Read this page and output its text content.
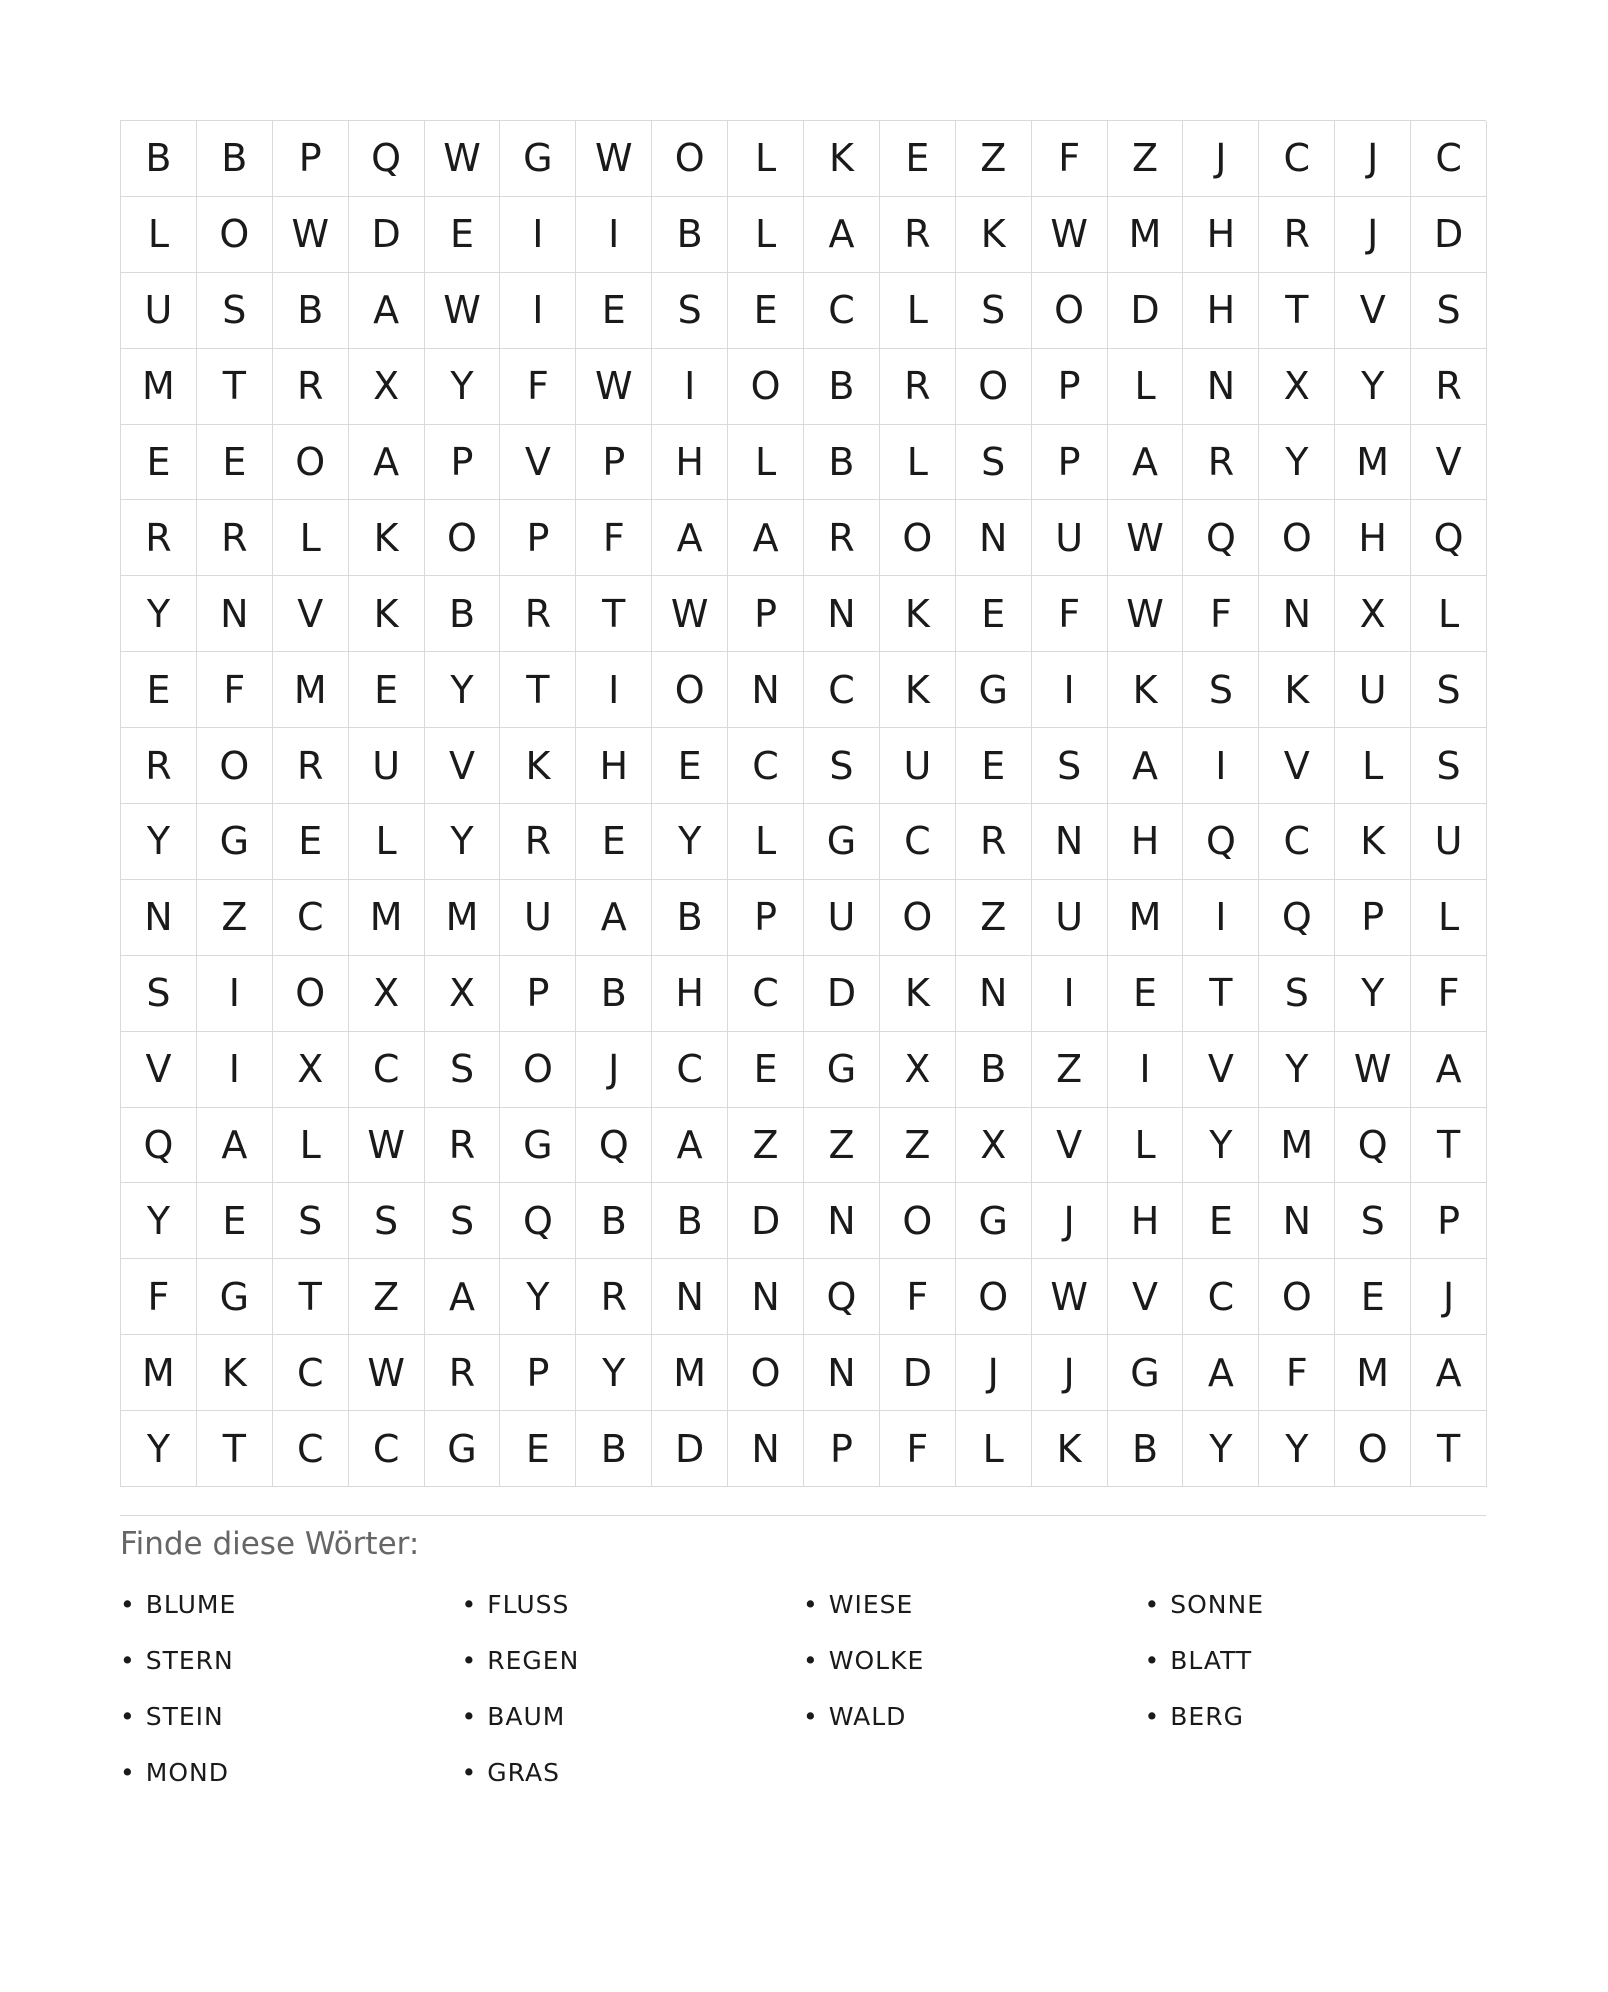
B	B	P	Q	W	G	W	O	L	K	E	Z	F	Z	J	C	J	C
L	O	W	D	E	I	I	B	L	A	R	K	W	M	H	R	J	D
U	S	B	A	W	I	E	S	E	C	L	S	O	D	H	T	V	S
M	T	R	X	Y	F	W	I	O	B	R	O	P	L	N	X	Y	R
E	E	O	A	P	V	P	H	L	B	L	S	P	A	R	Y	M	V
R	R	L	K	O	P	F	A	A	R	O	N	U	W	Q	O	H	Q
Y	N	V	K	B	R	T	W	P	N	K	E	F	W	F	N	X	L
E	F	M	E	Y	T	I	O	N	C	K	G	I	K	S	K	U	S
R	O	R	U	V	K	H	E	C	S	U	E	S	A	I	V	L	S
Y	G	E	L	Y	R	E	Y	L	G	C	R	N	H	Q	C	K	U
N	Z	C	M	M	U	A	B	P	U	O	Z	U	M	I	Q	P	L
S	I	O	X	X	P	B	H	C	D	K	N	I	E	T	S	Y	F
V	I	X	C	S	O	J	C	E	G	X	B	Z	I	V	Y	W	A
Q	A	L	W	R	G	Q	A	Z	Z	Z	X	V	L	Y	M	Q	T
Y	E	S	S	S	Q	B	B	D	N	O	G	J	H	E	N	S	P
F	G	T	Z	A	Y	R	N	N	Q	F	O	W	V	C	O	E	J
M	K	C	W	R	P	Y	M	O	N	D	J	J	G	A	F	M	A
Y	T	C	C	G	E	B	D	N	P	F	L	K	B	Y	Y	O	T
Finde diese Wörter:
• BLUME	• FLUSS	• WIESE	• SONNE
• STERN	• REGEN	• WOLKE	• BLATT
• STEIN	• BAUM	• WALD	• BERG
• MOND	• GRAS
